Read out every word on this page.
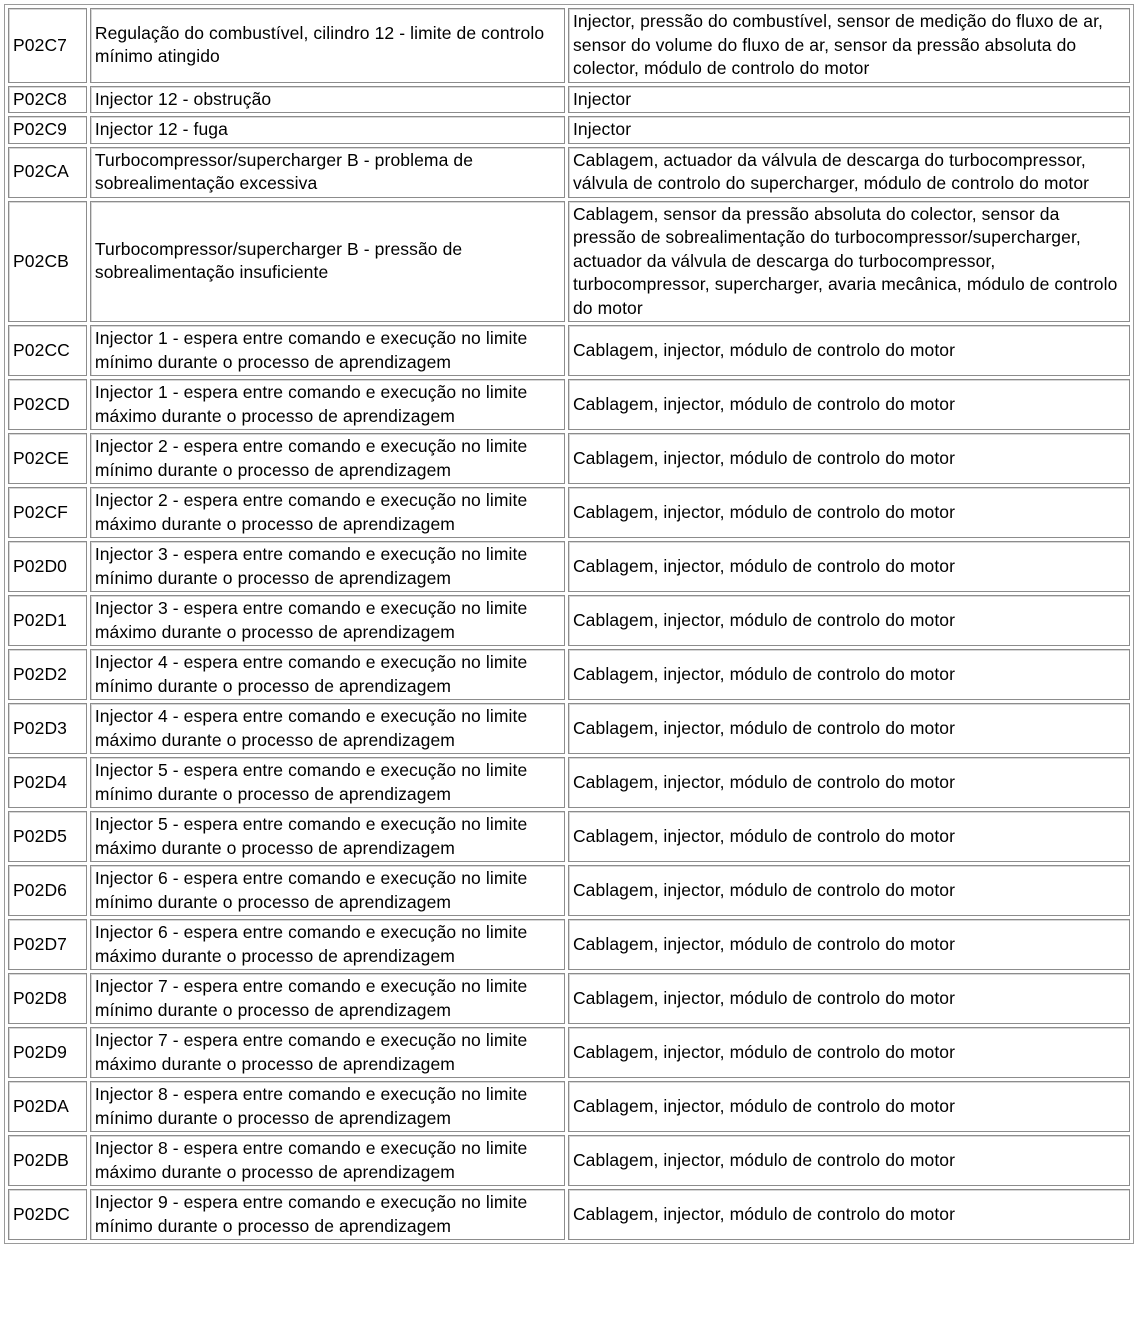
P02C7	Regulação do combustível, cilindro 12 - limite de controlo mínimo atingido	Injector, pressão do combustível, sensor de medição do fluxo de ar, sensor do volume do fluxo de ar, sensor da pressão absoluta do colector, módulo de controlo do motor
P02C8	Injector 12 - obstrução	Injector
P02C9	Injector 12 - fuga	Injector
P02CA	Turbocompressor/supercharger B - problema de sobrealimentação excessiva	Cablagem, actuador da válvula de descarga do turbocompressor, válvula de controlo do supercharger, módulo de controlo do motor
P02CB	Turbocompressor/supercharger B - pressão de sobrealimentação insuficiente	Cablagem, sensor da pressão absoluta do colector, sensor da pressão de sobrealimentação do turbocompressor/supercharger, actuador da válvula de descarga do turbocompressor, turbocompressor, supercharger, avaria mecânica, módulo de controlo do motor
P02CC	Injector 1 - espera entre comando e execução no limite mínimo durante o processo de aprendizagem	Cablagem, injector, módulo de controlo do motor
P02CD	Injector 1 - espera entre comando e execução no limite máximo durante o processo de aprendizagem	Cablagem, injector, módulo de controlo do motor
P02CE	Injector 2 - espera entre comando e execução no limite mínimo durante o processo de aprendizagem	Cablagem, injector, módulo de controlo do motor
P02CF	Injector 2 - espera entre comando e execução no limite máximo durante o processo de aprendizagem	Cablagem, injector, módulo de controlo do motor
P02D0	Injector 3 - espera entre comando e execução no limite mínimo durante o processo de aprendizagem	Cablagem, injector, módulo de controlo do motor
P02D1	Injector 3 - espera entre comando e execução no limite máximo durante o processo de aprendizagem	Cablagem, injector, módulo de controlo do motor
P02D2	Injector 4 - espera entre comando e execução no limite mínimo durante o processo de aprendizagem	Cablagem, injector, módulo de controlo do motor
P02D3	Injector 4 - espera entre comando e execução no limite máximo durante o processo de aprendizagem	Cablagem, injector, módulo de controlo do motor
P02D4	Injector 5 - espera entre comando e execução no limite mínimo durante o processo de aprendizagem	Cablagem, injector, módulo de controlo do motor
P02D5	Injector 5 - espera entre comando e execução no limite máximo durante o processo de aprendizagem	Cablagem, injector, módulo de controlo do motor
P02D6	Injector 6 - espera entre comando e execução no limite mínimo durante o processo de aprendizagem	Cablagem, injector, módulo de controlo do motor
P02D7	Injector 6 - espera entre comando e execução no limite máximo durante o processo de aprendizagem	Cablagem, injector, módulo de controlo do motor
P02D8	Injector 7 - espera entre comando e execução no limite mínimo durante o processo de aprendizagem	Cablagem, injector, módulo de controlo do motor
P02D9	Injector 7 - espera entre comando e execução no limite máximo durante o processo de aprendizagem	Cablagem, injector, módulo de controlo do motor
P02DA	Injector 8 - espera entre comando e execução no limite mínimo durante o processo de aprendizagem	Cablagem, injector, módulo de controlo do motor
P02DB	Injector 8 - espera entre comando e execução no limite máximo durante o processo de aprendizagem	Cablagem, injector, módulo de controlo do motor
P02DC	Injector 9 - espera entre comando e execução no limite mínimo durante o processo de aprendizagem	Cablagem, injector, módulo de controlo do motor
